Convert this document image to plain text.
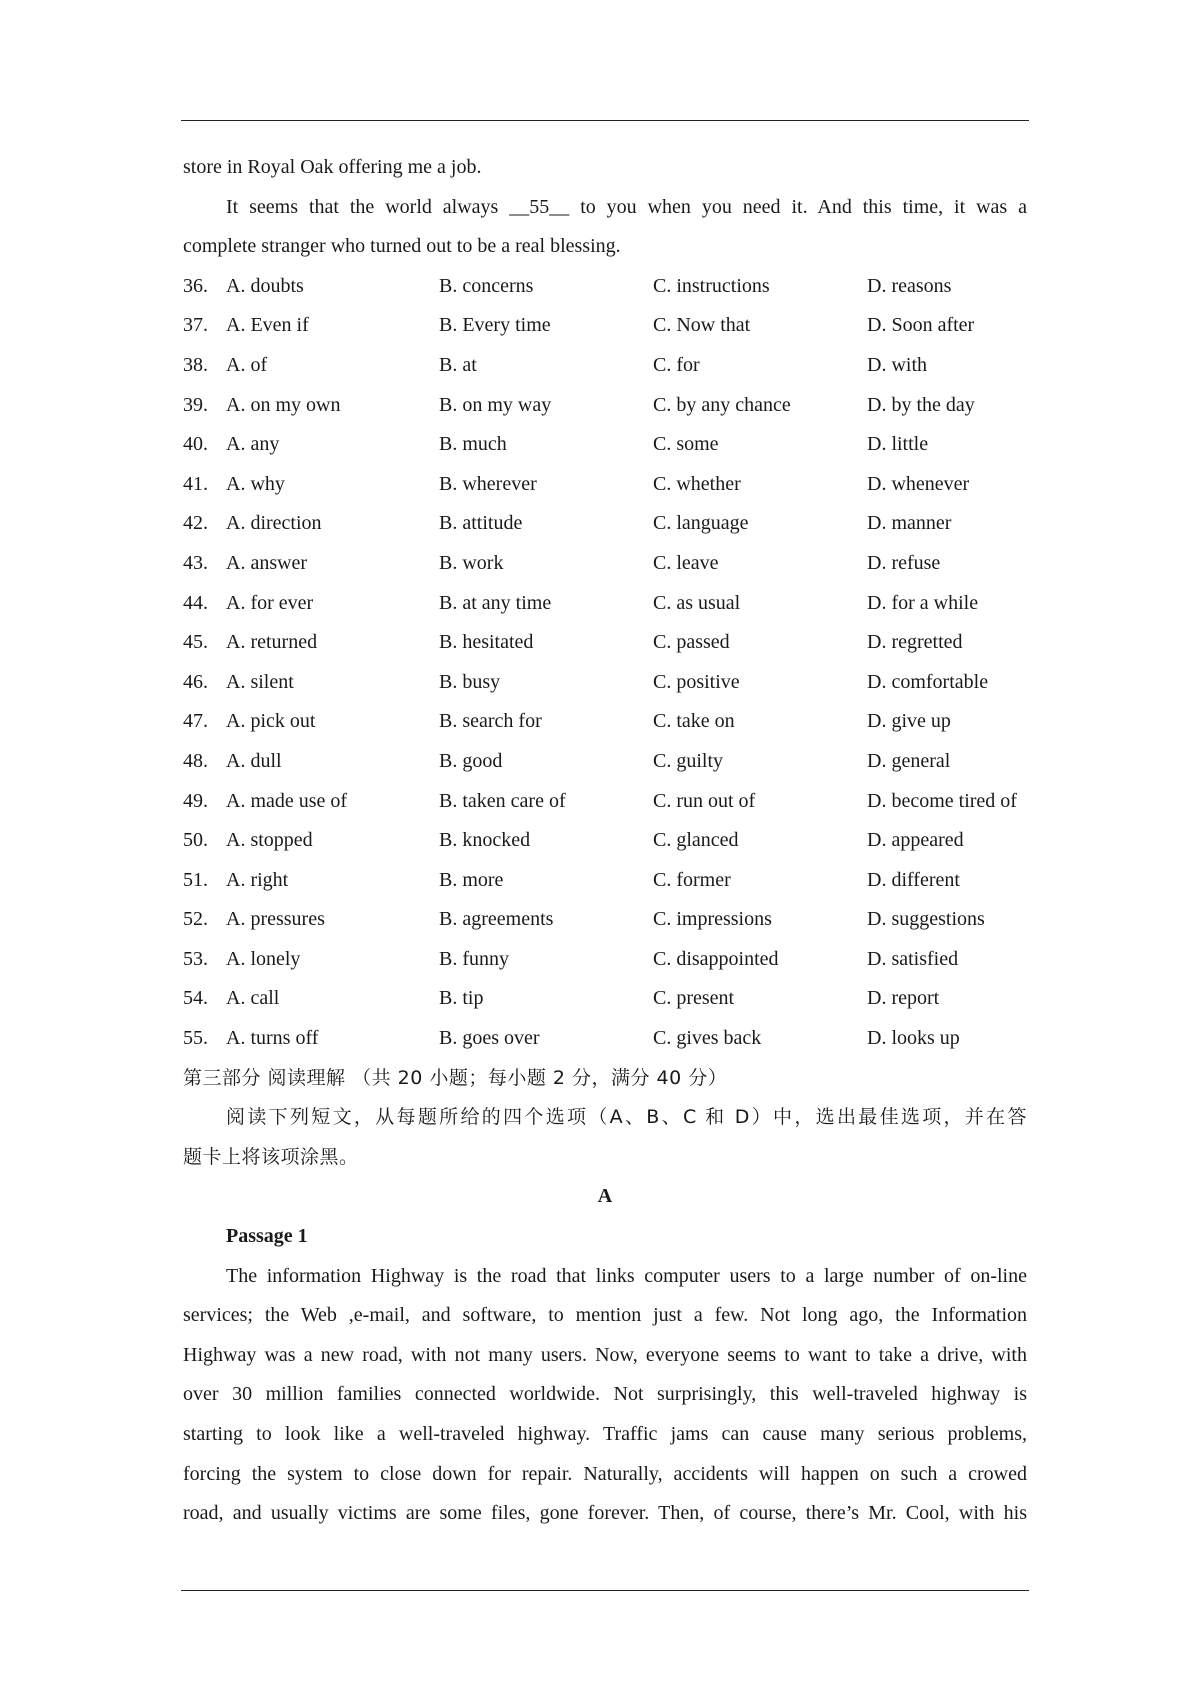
store in Royal Oak offering me a job.
It seems that the world always __55__ to you when you need it. And this time, it was a
complete stranger who turned out to be a real blessing.
36. A. doubts	B. concerns	C. instructions	D. reasons
37. A. Even if	B. Every time	C. Now that	D. Soon after
38. A. of	B. at	C. for	D. with
39. A. on my own	B. on my way	C. by any chance	D. by the day
40. A. any	B. much	C. some	D. little
41. A. why	B. wherever	C. whether	D. whenever
42. A. direction	B. attitude	C. language	D. manner
43. A. answer	B. work	C. leave	D. refuse
44. A. for ever	B. at any time	C. as usual	D. for a while
45. A. returned	B. hesitated	C. passed	D. regretted
46. A. silent	B. busy	C. positive	D. comfortable
47. A. pick out	B. search for	C. take on	D. give up
48. A. dull	B. good	C. guilty	D. general
49. A. made use of	B. taken care of	C. run out of	D. become tired of
50. A. stopped	B. knocked	C. glanced	D. appeared
51. A. right	B. more	C. former	D. different
52. A. pressures	B. agreements	C. impressions	D. suggestions
53. A. lonely	B. funny	C. disappointed	D. satisfied
54. A. call	B. tip	C. present	D. report
55. A. turns off	B. goes over	C. gives back	D. looks up
第三部分 阅读理解 （共 20 小题；每小题 2 分，满分 40 分）
阅读下列短文，从每题所给的四个选项（A、B、C 和 D）中，选出最佳选项，并在答
题卡上将该项涂黑。
A
Passage 1
The information Highway is the road that links computer users to a large number of on-line
services; the Web ,e-mail, and software, to mention just a few. Not long ago, the Information
Highway was a new road, with not many users. Now, everyone seems to want to take a drive, with
over 30 million families connected worldwide. Not surprisingly, this well-traveled highway is
starting to look like a well-traveled highway. Traffic jams can cause many serious problems,
forcing the system to close down for repair. Naturally, accidents will happen on such a crowed
road, and usually victims are some files, gone forever. Then, of course, there’s Mr. Cool, with his
